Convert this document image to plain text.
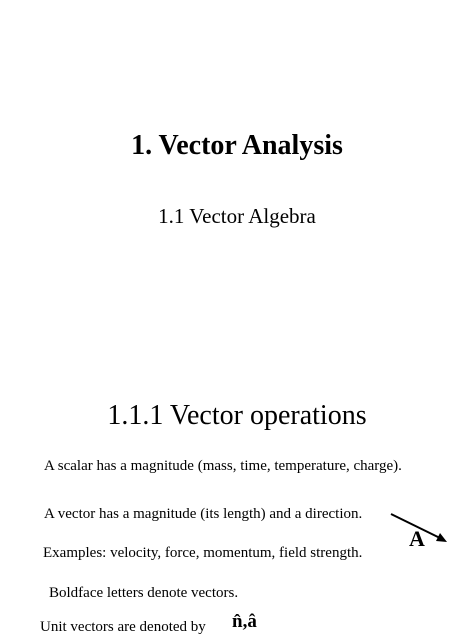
1. Vector Analysis
1.1 Vector Algebra
1.1.1 Vector operations
A scalar has a magnitude (mass, time, temperature, charge).
A vector has a magnitude (its length) and a direction.
A
Examples: velocity, force, momentum, field strength.
Boldface letters denote vectors.
Unit vectors are denoted by n̂,â
